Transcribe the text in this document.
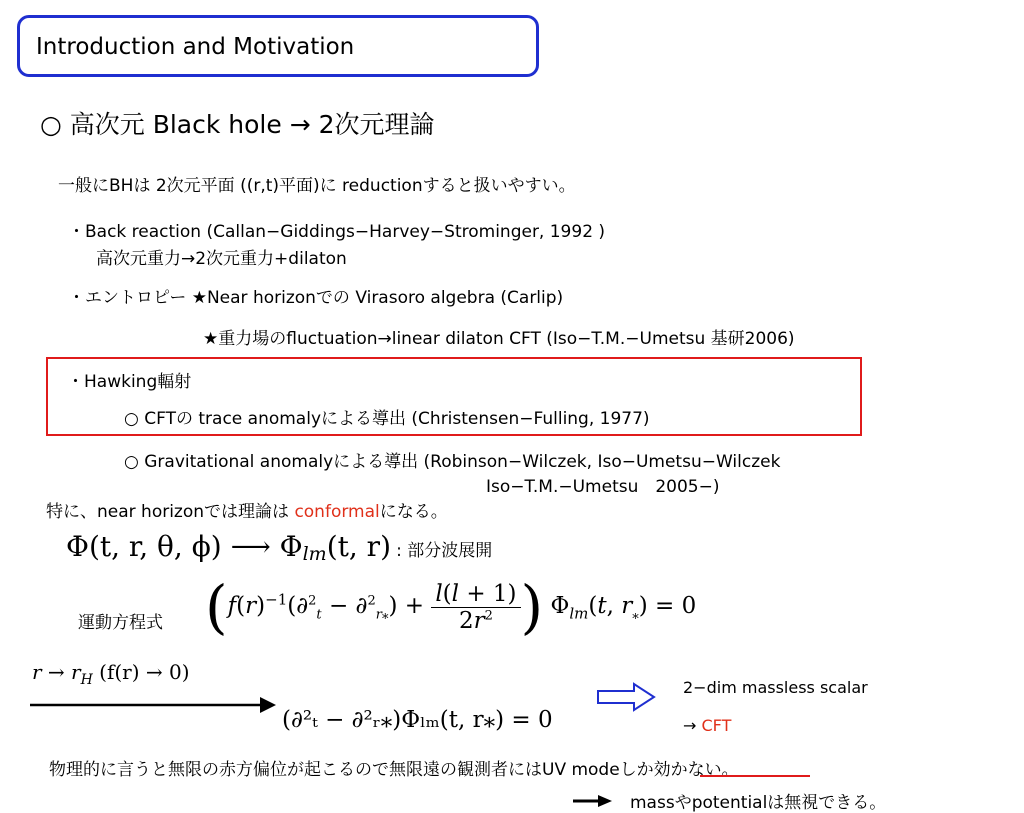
Introduction and Motivation
○ 高次元 Black hole → 2次元理論
一般にBHは 2次元平面 ((r,t)平面)に reductionすると扱いやすい。
・Back reaction (Callan−Giddings−Harvey−Strominger, 1992 )
高次元重力→2次元重力+dilaton
・エントロピー ★Near horizonでの Virasoro algebra (Carlip)
★重力場のfluctuation→linear dilaton CFT (Iso−T.M.−Umetsu 基研2006)
・Hawking輻射
○ CFTの trace anomalyによる導出 (Christensen−Fulling, 1977)
○ Gravitational anomalyによる導出 (Robinson−Wilczek, Iso−Umetsu−Wilczek
Iso−T.M.−Umetsu　2005−)
特に、near horizonでは理論は conformalになる。
Φ(t, r, θ, ϕ) ⟶ $\Phi_{lm}(t$, r) : 部分波展開
運動方程式 ($f(r)^{-1}(\partial^2_t - \partial^2_{r⁎}) + \frac{l(l + 1)}{2r^2}$ ) $\Phi_{lm}(t$, $r_⁎) = 0$
$r \to r_H$ (f(r) → 0)
(∂²ₜ − ∂²ᵣ⁎)Φₗₘ(t, r⁎) = 0
2−dim massless scalar
→ CFT
物理的に言うと無限の赤方偏位が起こるので無限遠の観測者にはUV modeしか効かない。
massやpotentialは無視できる。
